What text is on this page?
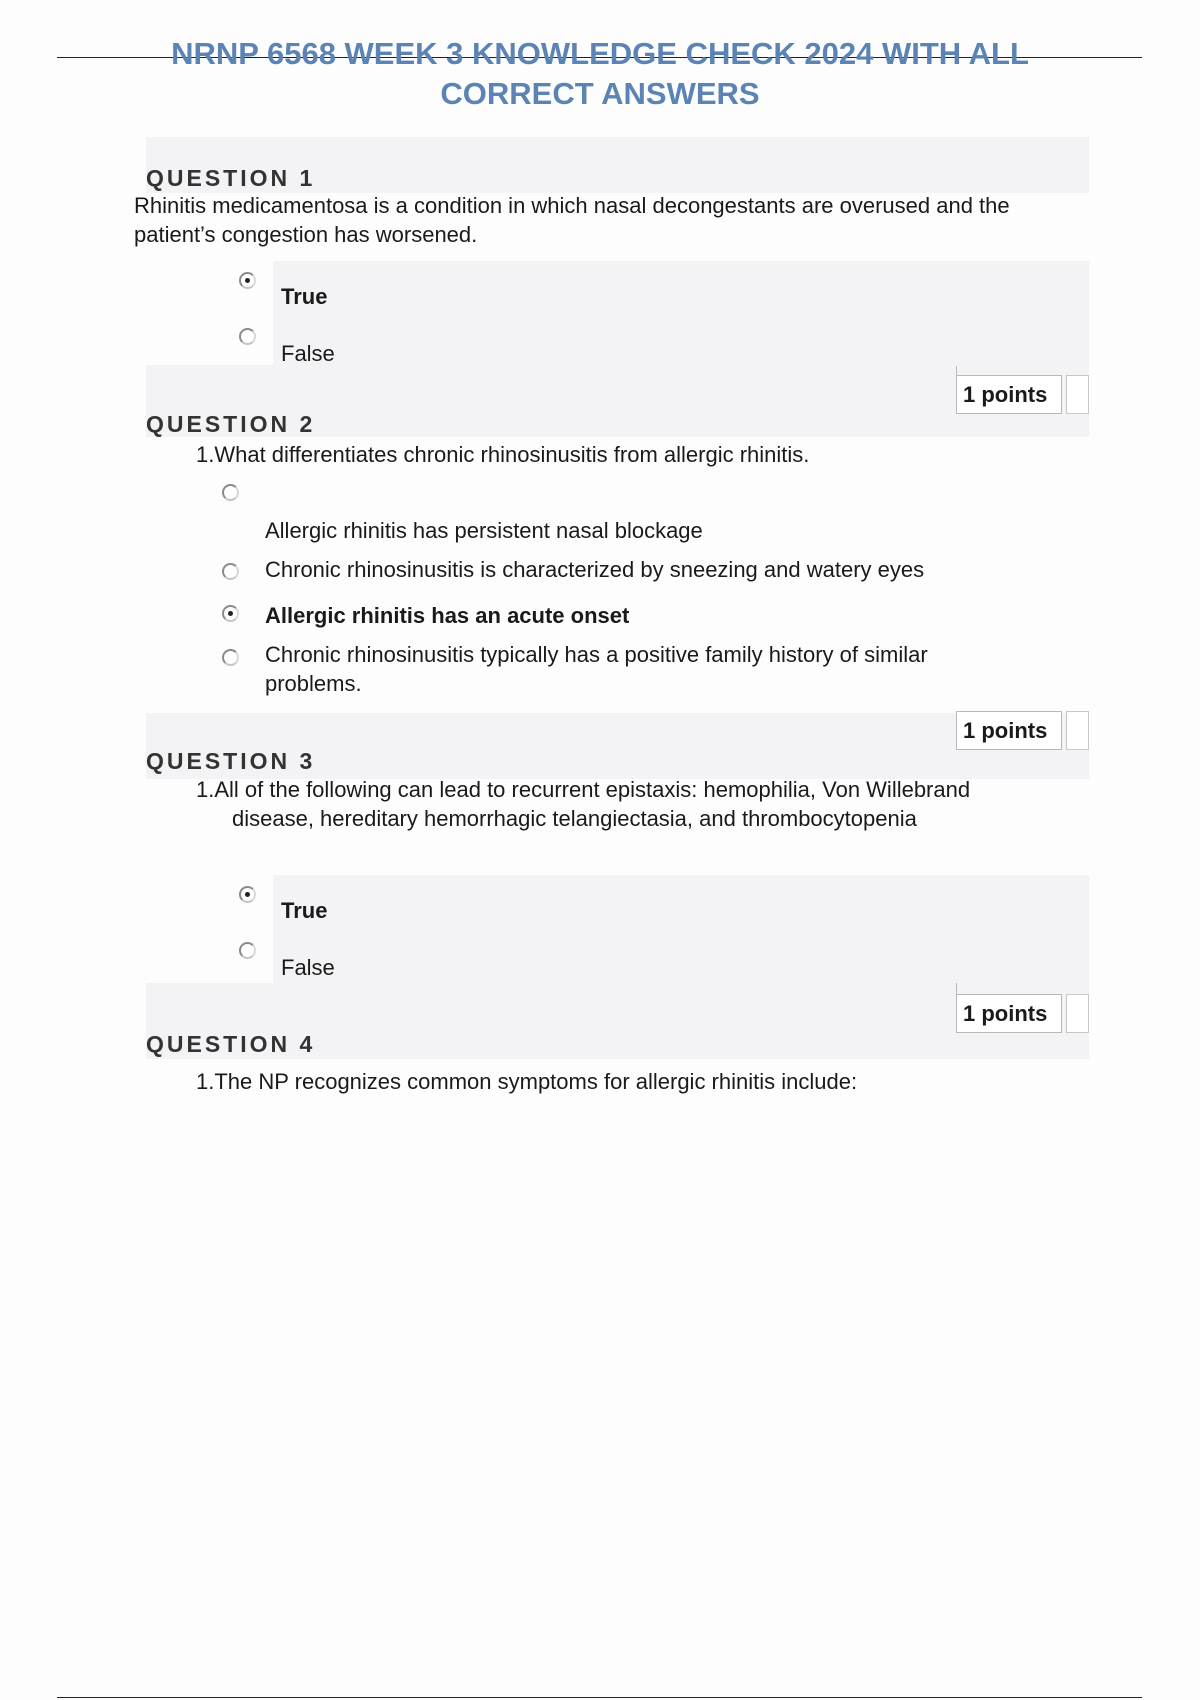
NRNP 6568 WEEK 3 KNOWLEDGE CHECK 2024 WITH ALL
CORRECT ANSWERS
QUESTION 1
Rhinitis medicamentosa is a condition in which nasal decongestants are overused and the
patient’s congestion has worsened.
True
False
1 points
QUESTION 2
1.What differentiates chronic rhinosinusitis from allergic rhinitis.
Allergic rhinitis has persistent nasal blockage
Chronic rhinosinusitis is characterized by sneezing and watery eyes
Allergic rhinitis has an acute onset
Chronic rhinosinusitis typically has a positive family history of similar
problems.
1 points
QUESTION 3
1.All of the following can lead to recurrent epistaxis: hemophilia, Von Willebrand
disease, hereditary hemorrhagic telangiectasia, and thrombocytopenia
True
False
1 points
QUESTION 4
1.The NP recognizes common symptoms for allergic rhinitis include:
